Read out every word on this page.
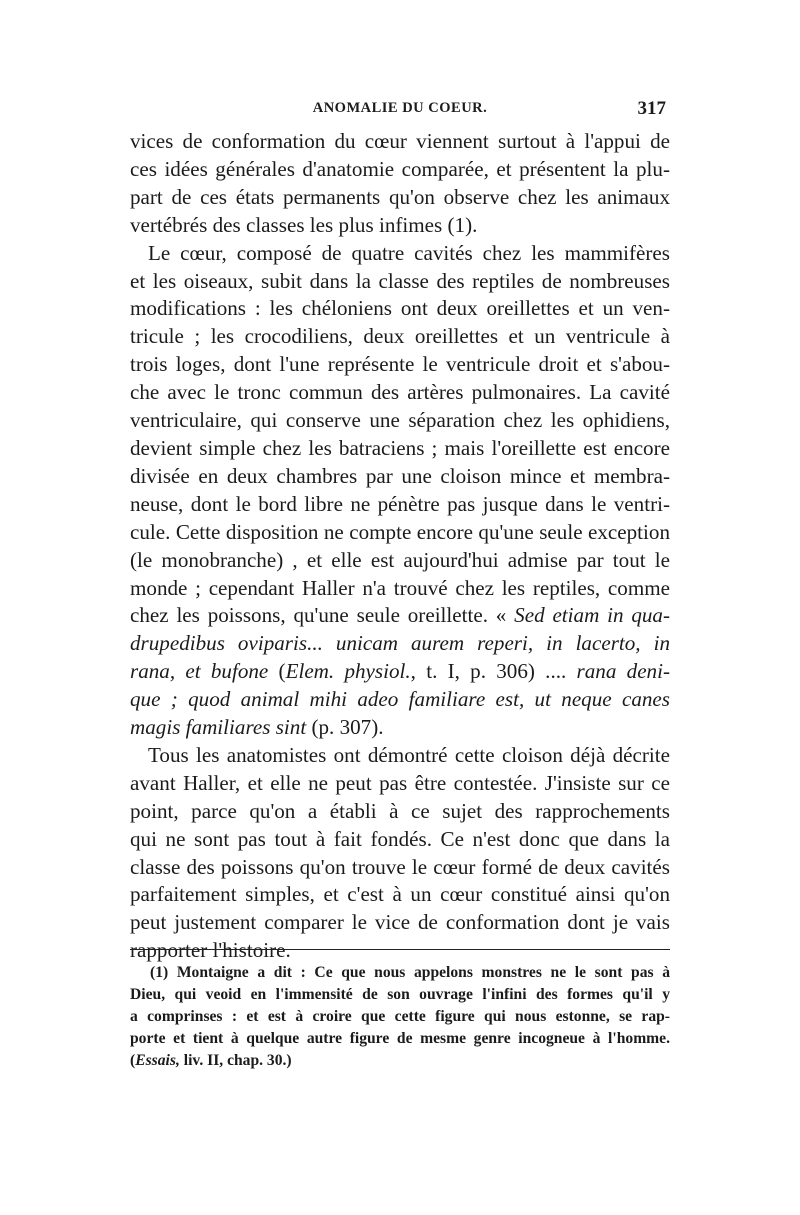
ANOMALIE DU COEUR.	317
vices de conformation du cœur viennent surtout à l'appui de
ces idées générales d'anatomie comparée, et présentent la plu-
part de ces états permanents qu'on observe chez les animaux
vertébrés des classes les plus infimes (1).
Le cœur, composé de quatre cavités chez les mammifères
et les oiseaux, subit dans la classe des reptiles de nombreuses
modifications : les chéloniens ont deux oreillettes et un ven-
tricule ; les crocodiliens, deux oreillettes et un ventricule à
trois loges, dont l'une représente le ventricule droit et s'abou-
che avec le tronc commun des artères pulmonaires. La cavité
ventriculaire, qui conserve une séparation chez les ophidiens,
devient simple chez les batraciens ; mais l'oreillette est encore
divisée en deux chambres par une cloison mince et membra-
neuse, dont le bord libre ne pénètre pas jusque dans le ventri-
cule. Cette disposition ne compte encore qu'une seule exception
(le monobranche) , et elle est aujourd'hui admise par tout le
monde ; cependant Haller n'a trouvé chez les reptiles, comme
chez les poissons, qu'une seule oreillette. « Sed etiam in qua-
drupedibus oviparis... unicam aurem reperi, in lacerto, in
rana, et bufone (Elem. physiol., t. I, p. 306) .... rana deni-
que ; quod animal mihi adeo familiare est, ut neque canes
magis familiares sint (p. 307).
Tous les anatomistes ont démontré cette cloison déjà décrite
avant Haller, et elle ne peut pas être contestée. J'insiste sur ce
point, parce qu'on a établi à ce sujet des rapprochements
qui ne sont pas tout à fait fondés. Ce n'est donc que dans la
classe des poissons qu'on trouve le cœur formé de deux cavités
parfaitement simples, et c'est à un cœur constitué ainsi qu'on
peut justement comparer le vice de conformation dont je vais
rapporter l'histoire.
(1) Montaigne a dit : Ce que nous appelons monstres ne le sont pas à
Dieu, qui veoid en l'immensité de son ouvrage l'infini des formes qu'il y
a comprinses : et est à croire que cette figure qui nous estonne, se rap-
porte et tient à quelque autre figure de mesme genre incogneue à l'homme.
(Essais, liv. II, chap. 30.)
